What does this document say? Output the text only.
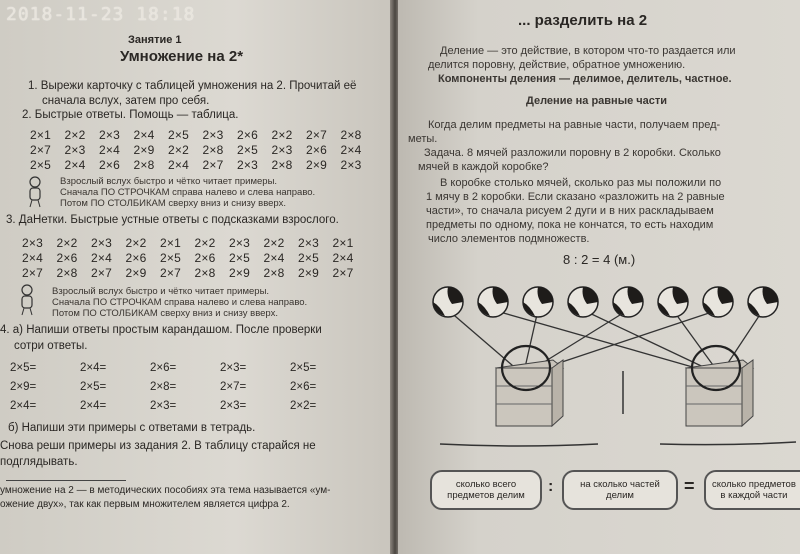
2018-11-23 18:18
Занятие 1
Умножение на 2*
1. Вырежи карточку с таблицей умножения на 2. Прочитай её
сначала вслух, затем про себя.
2. Быстрые ответы. Помощь — таблица.
2×1	2×2	2×3	2×4	2×5	2×3	2×6	2×2	2×7	2×8
2×7	2×3	2×4	2×9	2×2	2×8	2×5	2×3	2×6	2×4
2×5	2×4	2×6	2×8	2×4	2×7	2×3	2×8	2×9	2×3
Взрослый вслух быстро и чётко читает примеры.
Сначала ПО СТРОЧКАМ справа налево и слева направо.
Потом ПО СТОЛБИКАМ сверху вниз и снизу вверх.
3. ДаНетки. Быстрые устные ответы с подсказками взрослого.
2×3	2×2	2×3	2×2	2×1	2×2	2×3	2×2	2×3	2×1
2×4	2×6	2×4	2×6	2×5	2×6	2×5	2×4	2×5	2×4
2×7	2×8	2×7	2×9	2×7	2×8	2×9	2×8	2×9	2×7
Взрослый вслух быстро и чётко читает примеры.
Сначала ПО СТРОЧКАМ справа налево и слева направо.
Потом ПО СТОЛБИКАМ сверху вниз и снизу вверх.
4. а) Напиши ответы простым карандашом. После проверки
сотри ответы.
2×5=	2×4=	2×6=	2×3=	2×5=
2×9=	2×5=	2×8=	2×7=	2×6=
2×4=	2×4=	2×3=	2×3=	2×2=
б) Напиши эти примеры с ответами в тетрадь.
Снова реши примеры из задания 2. В таблицу старайся не
подглядывать.
умножение на 2 — в методических пособиях эта тема называется «ум-
ожение двух», так как первым множителем является цифра 2.
... разделить на 2
Деление — это действие, в котором что-то раздается или
делится поровну, действие, обратное умножению.
Компоненты деления — делимое, делитель, частное.
Деление на равные части
Когда делим предметы на равные части, получаем пред-
меты.
Задача. 8 мячей разложили поровну в 2 коробки. Сколько
мячей в каждой коробке?
В коробке столько мячей, сколько раз мы положили по
1 мячу в 2 коробки. Если сказано «разложить на 2 равные
части», то сначала рисуем 2 дуги и в них раскладываем
предметы по одному, пока не кончатся, то есть находим
число элементов подмножеств.
8 : 2 = 4 (м.)
сколько всего
предметов делим
:	на сколько частей
делим	= сколько предметов
в каждой части
